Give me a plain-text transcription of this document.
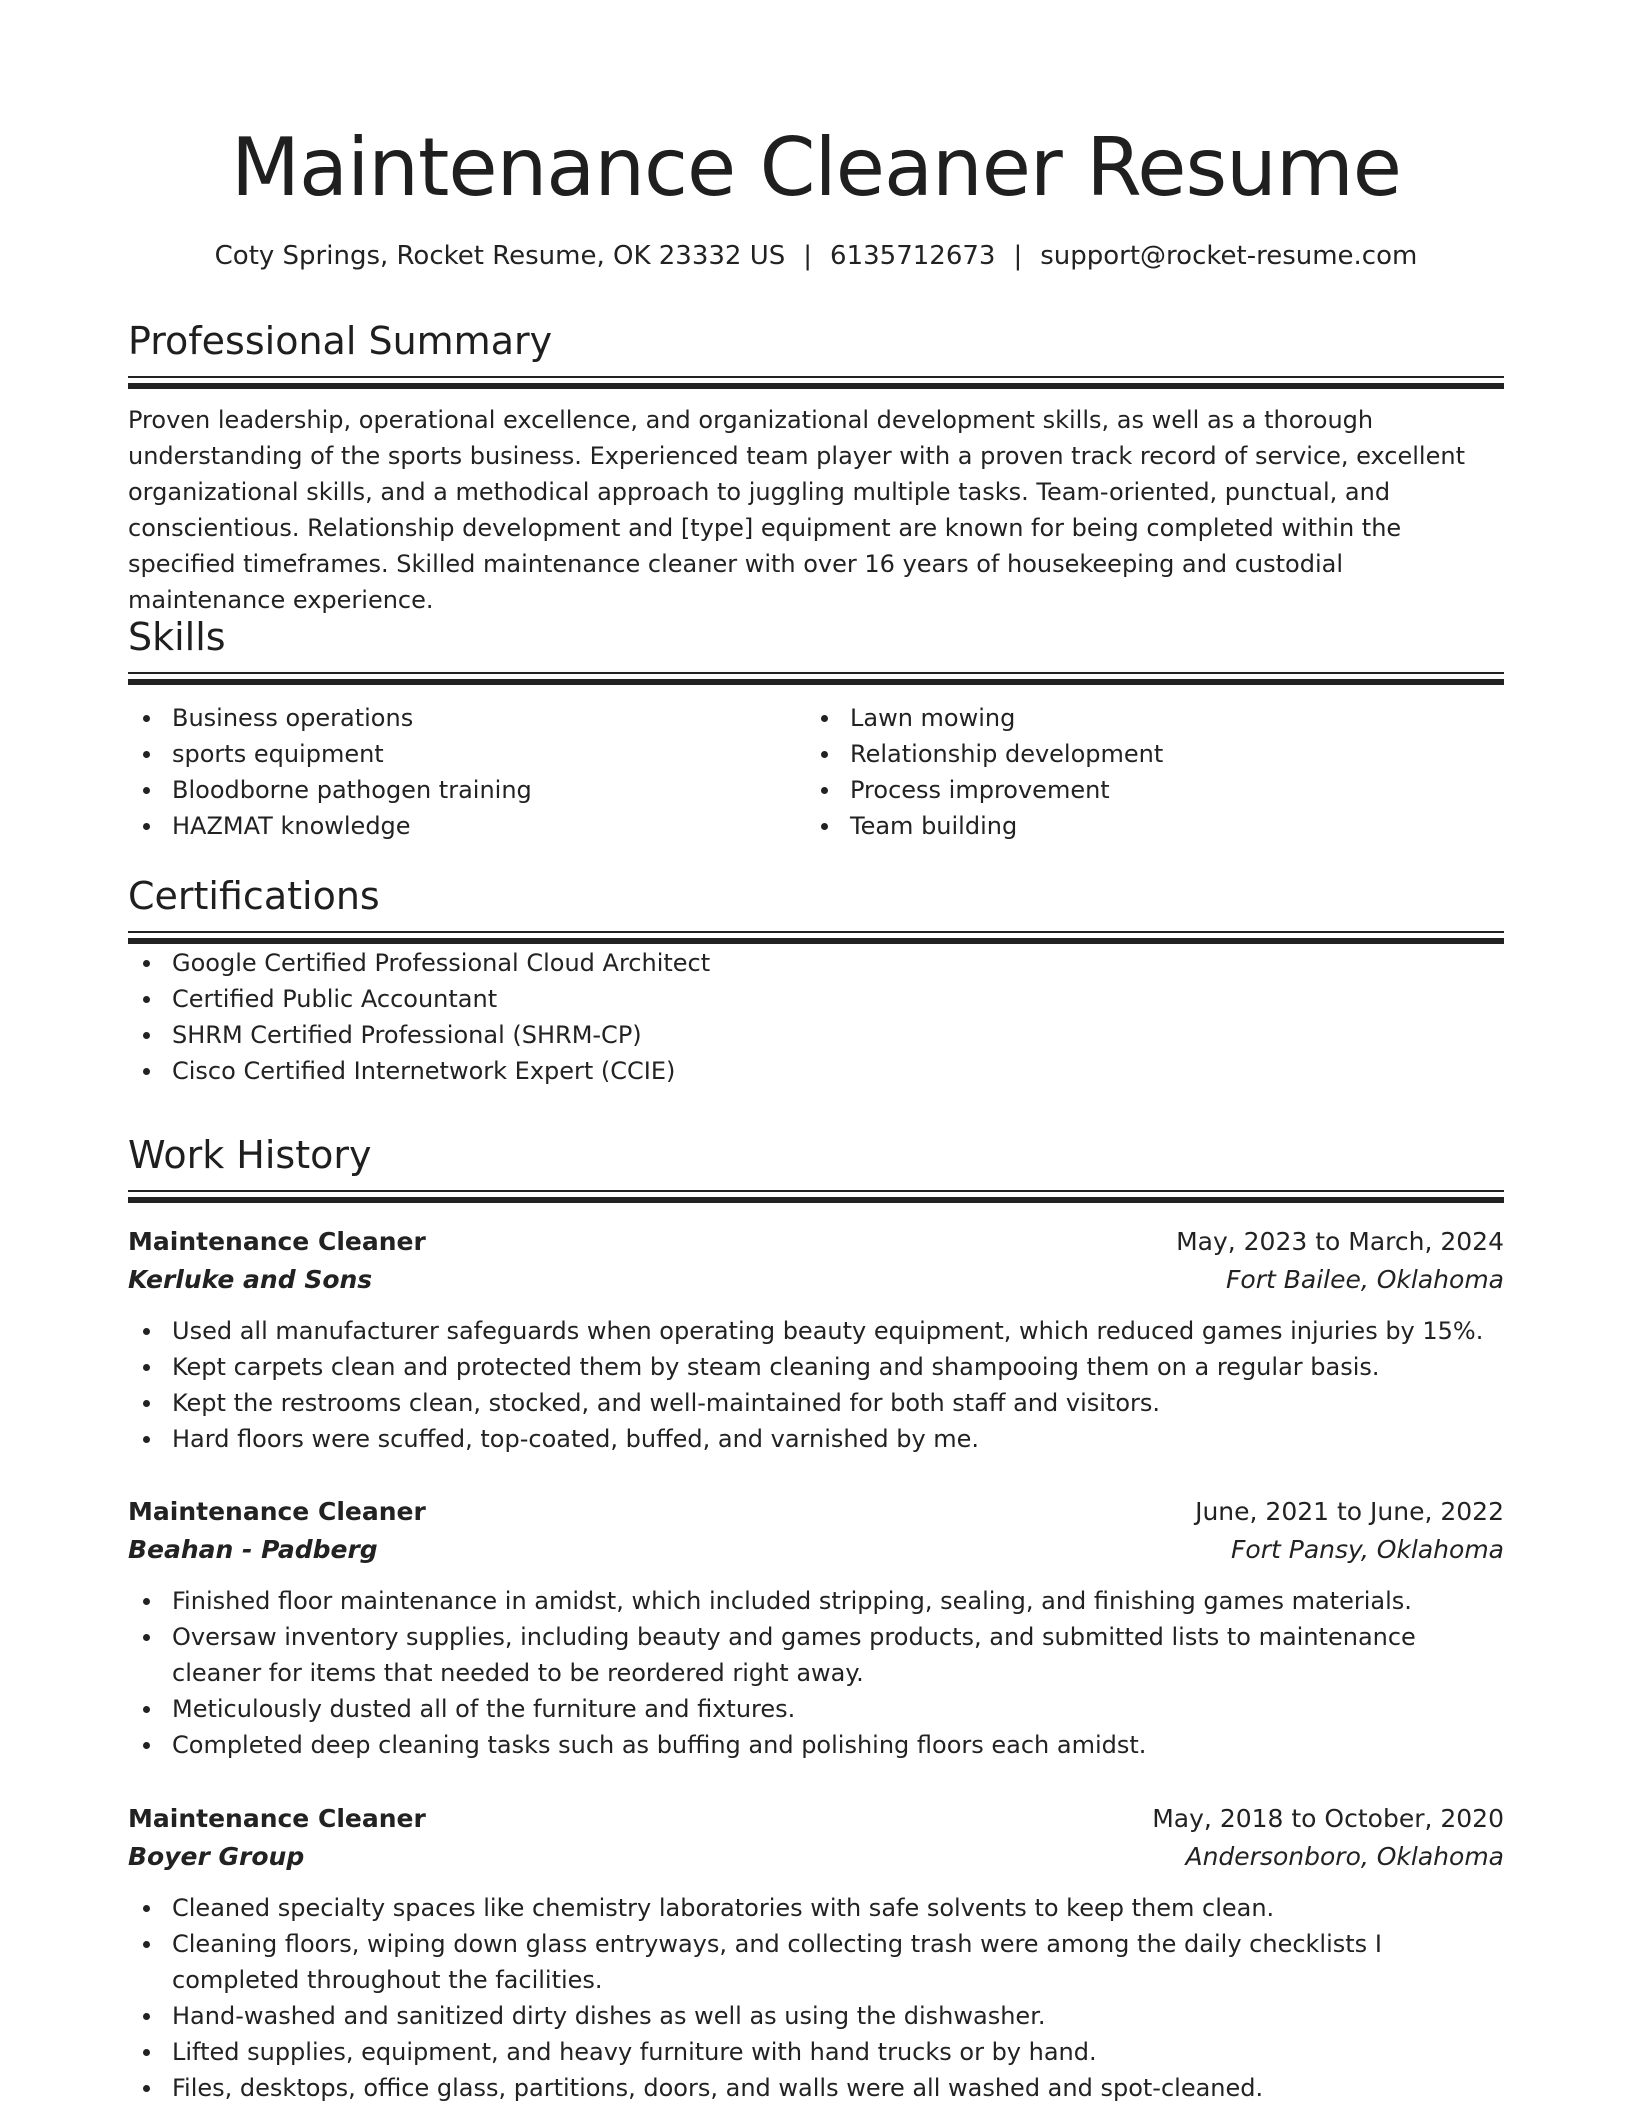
Maintenance Cleaner Resume
Coty Springs, Rocket Resume, OK 23332 US | 6135712673 | support@rocket-resume.com
Professional Summary
Proven leadership, operational excellence, and organizational development skills, as well as a thorough understanding of the sports business. Experienced team player with a proven track record of service, excellent organizational skills, and a methodical approach to juggling multiple tasks. Team-oriented, punctual, and conscientious. Relationship development and [type] equipment are known for being completed within the specified timeframes. Skilled maintenance cleaner with over 16 years of housekeeping and custodial maintenance experience.
Skills
Business operations
sports equipment
Bloodborne pathogen training
HAZMAT knowledge
Lawn mowing
Relationship development
Process improvement
Team building
Certifications
Google Certified Professional Cloud Architect
Certified Public Accountant
SHRM Certified Professional (SHRM-CP)
Cisco Certified Internetwork Expert (CCIE)
Work History
Maintenance Cleaner	May, 2023 to March, 2024
Kerluke and Sons	Fort Bailee, Oklahoma
Used all manufacturer safeguards when operating beauty equipment, which reduced games injuries by 15%.
Kept carpets clean and protected them by steam cleaning and shampooing them on a regular basis.
Kept the restrooms clean, stocked, and well-maintained for both staff and visitors.
Hard floors were scuffed, top-coated, buffed, and varnished by me.
Maintenance Cleaner	June, 2021 to June, 2022
Beahan - Padberg	Fort Pansy, Oklahoma
Finished floor maintenance in amidst, which included stripping, sealing, and finishing games materials.
Oversaw inventory supplies, including beauty and games products, and submitted lists to maintenance cleaner for items that needed to be reordered right away.
Meticulously dusted all of the furniture and fixtures.
Completed deep cleaning tasks such as buffing and polishing floors each amidst.
Maintenance Cleaner	May, 2018 to October, 2020
Boyer Group	Andersonboro, Oklahoma
Cleaned specialty spaces like chemistry laboratories with safe solvents to keep them clean.
Cleaning floors, wiping down glass entryways, and collecting trash were among the daily checklists I completed throughout the facilities.
Hand-washed and sanitized dirty dishes as well as using the dishwasher.
Lifted supplies, equipment, and heavy furniture with hand trucks or by hand.
Files, desktops, office glass, partitions, doors, and walls were all washed and spot-cleaned.
